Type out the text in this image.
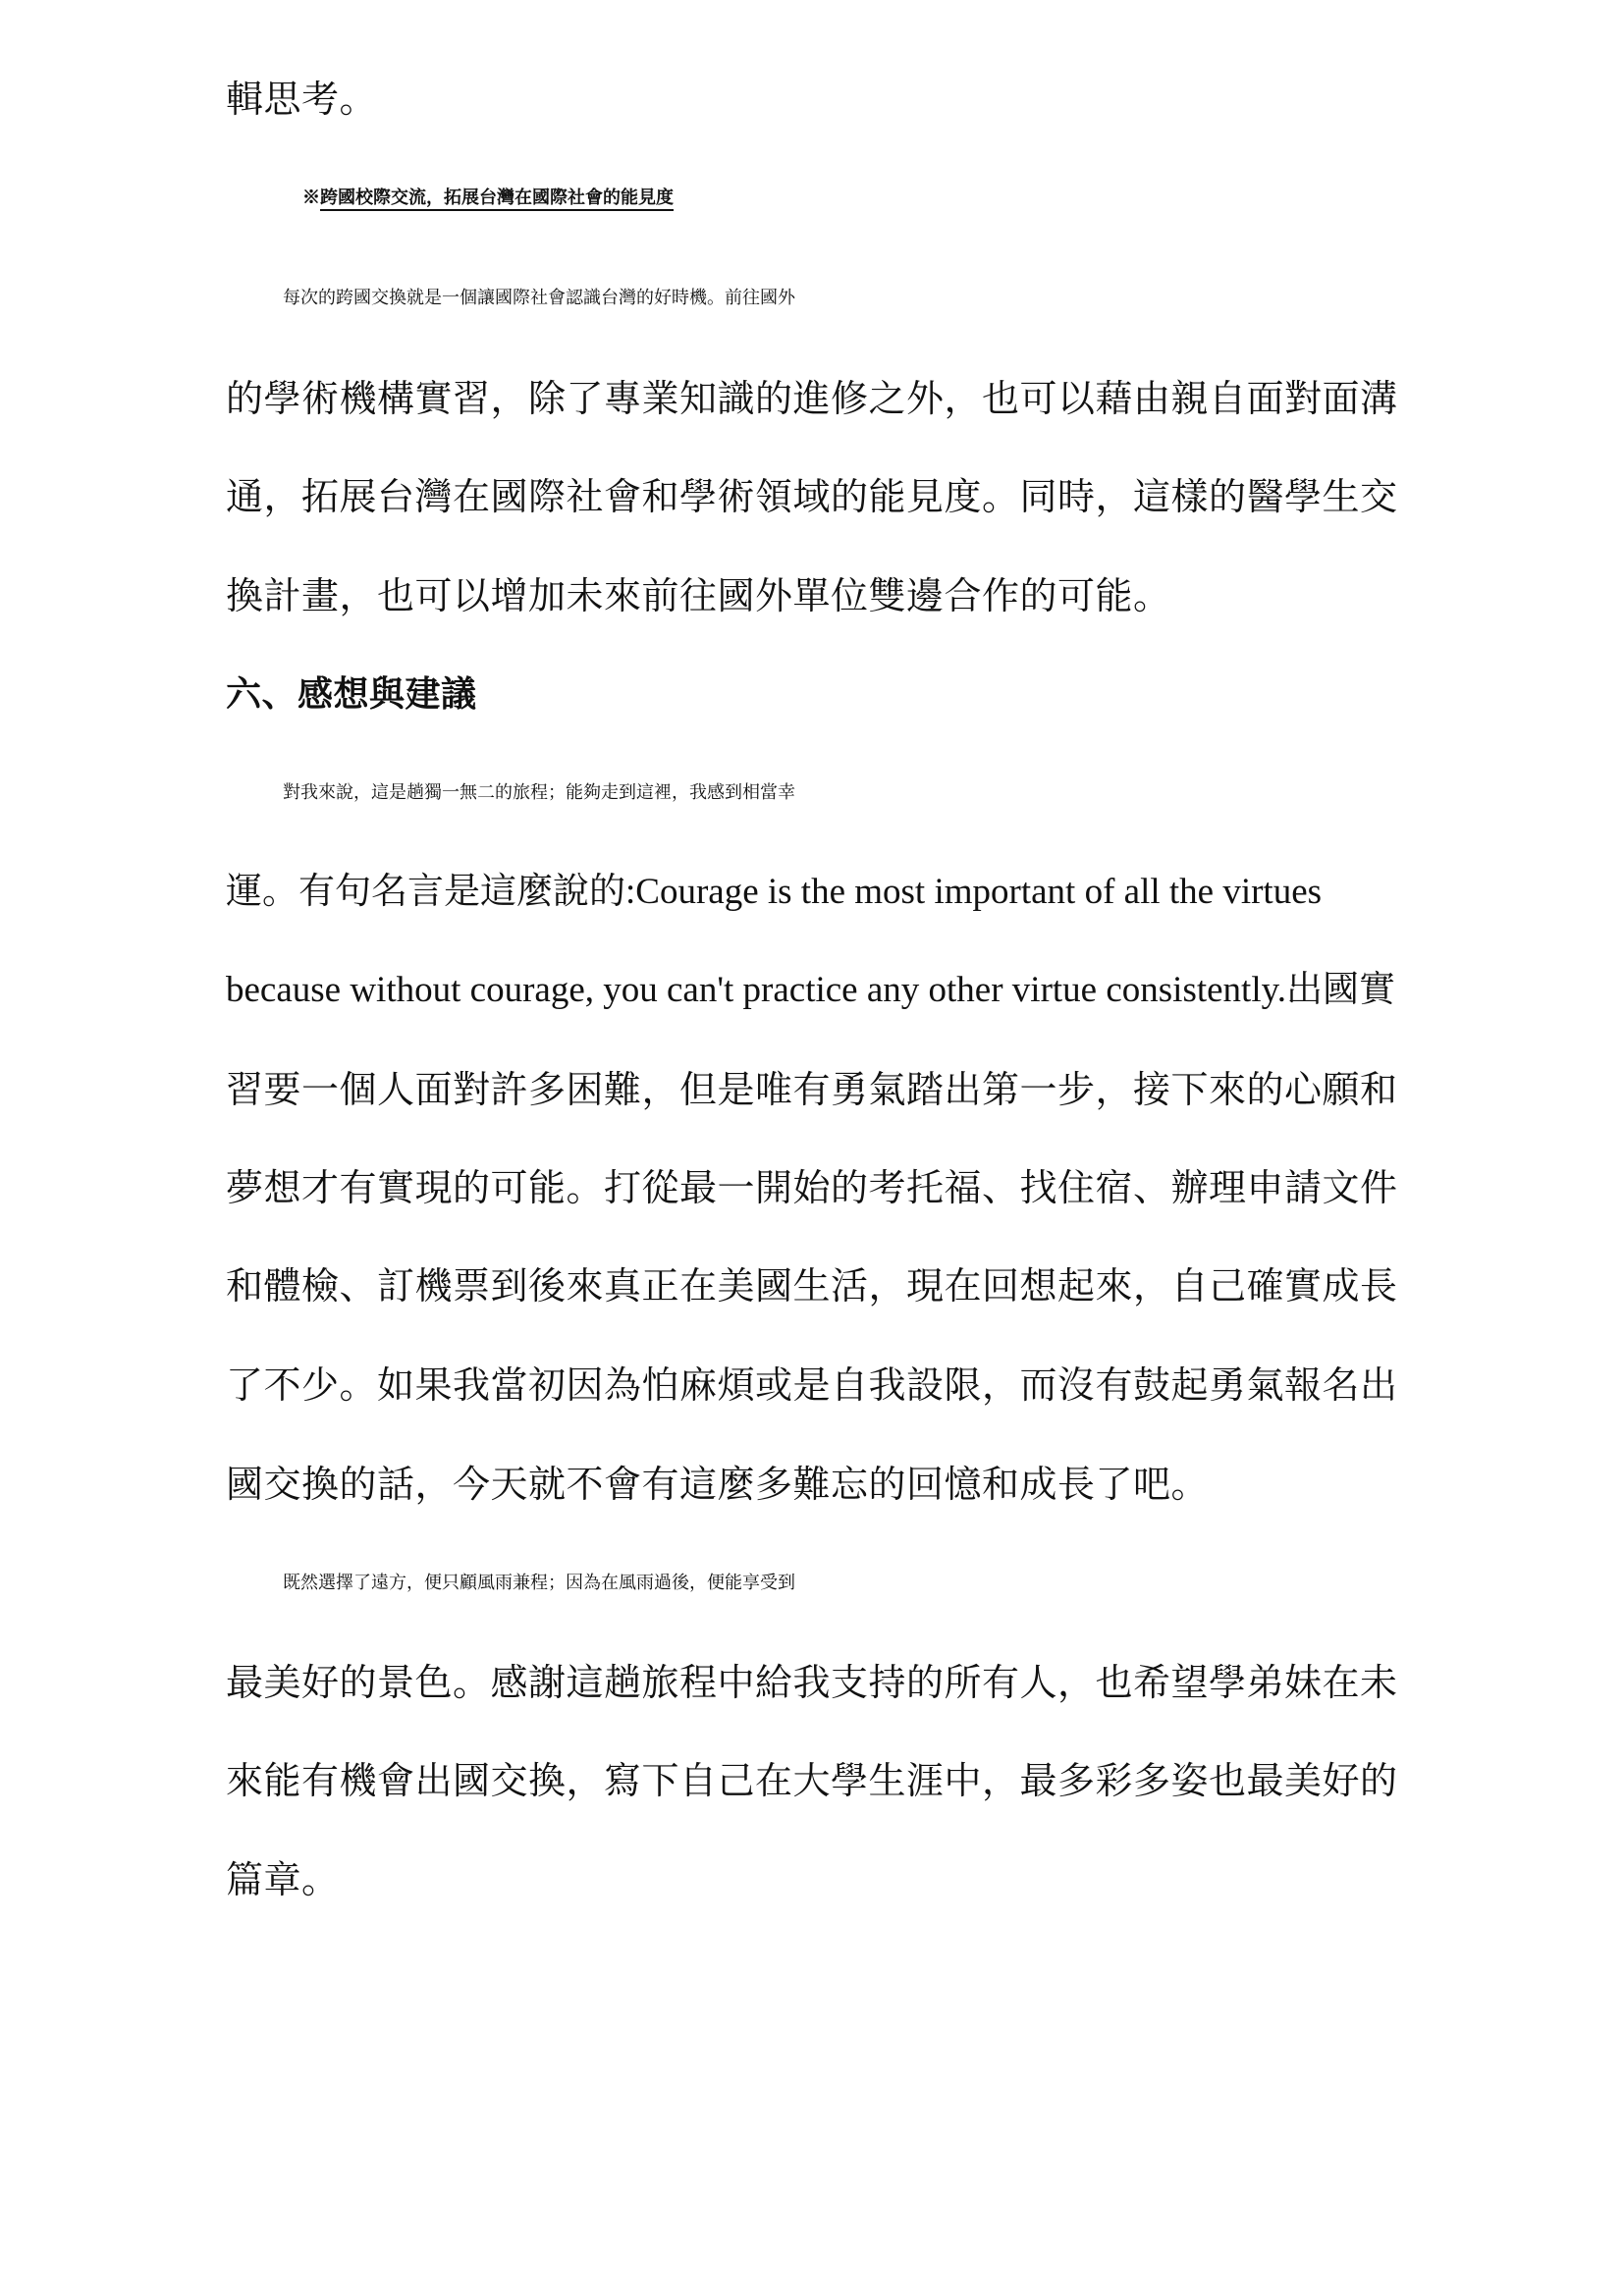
輯思考。
※跨國校際交流，拓展台灣在國際社會的能見度
每次的跨國交換就是一個讓國際社會認識台灣的好時機。前往國外
的學術機構實習，除了專業知識的進修之外，也可以藉由親自面對面溝
通，拓展台灣在國際社會和學術領域的能見度。同時，這樣的醫學生交
換計畫，也可以增加未來前往國外單位雙邊合作的可能。
六、感想與建議
對我來說，這是趟獨一無二的旅程；能夠走到這裡，我感到相當幸
運。有句名言是這麼說的:Courage is the most important of all the virtues
because without courage, you can't practice any other virtue consistently.出國實
習要一個人面對許多困難，但是唯有勇氣踏出第一步，接下來的心願和
夢想才有實現的可能。打從最一開始的考托福、找住宿、辦理申請文件
和體檢、訂機票到後來真正在美國生活，現在回想起來，自己確實成長
了不少。如果我當初因為怕麻煩或是自我設限，而沒有鼓起勇氣報名出
國交換的話，今天就不會有這麼多難忘的回憶和成長了吧。
既然選擇了遠方，便只顧風雨兼程；因為在風雨過後，便能享受到
最美好的景色。感謝這趟旅程中給我支持的所有人，也希望學弟妹在未
來能有機會出國交換，寫下自己在大學生涯中，最多彩多姿也最美好的
篇章。
